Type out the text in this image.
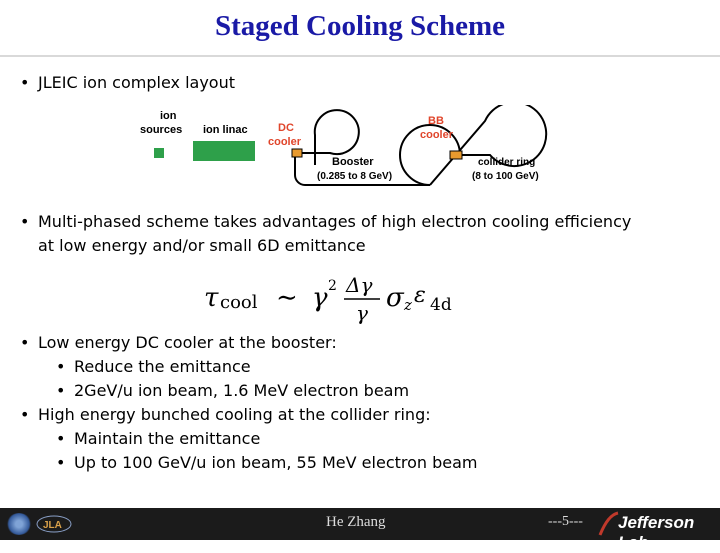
Staged Cooling Scheme
• JLEIC ion complex layout
ion
sources ion linac	DC
cooler
Booster
(0.285 to 8 GeV)
BB
cooler
collider ring
(8 to 100 GeV)
• Multi-phased scheme takes advantages of high electron cooling efficiency
at low energy and/or small 6D emittance
τ cool ∼ γ 2 Δγ
γ σ z ε 4d
• Low energy DC cooler at the booster:
• Reduce the emittance
• 2GeV/u ion beam, 1.6 MeV electron beam
• High energy bunched cooling at the collider ring:
• Maintain the emittance
• Up to 100 GeV/u ion beam, 55 MeV electron beam
JLA	He Zhang	---5--- Jefferson Lab
